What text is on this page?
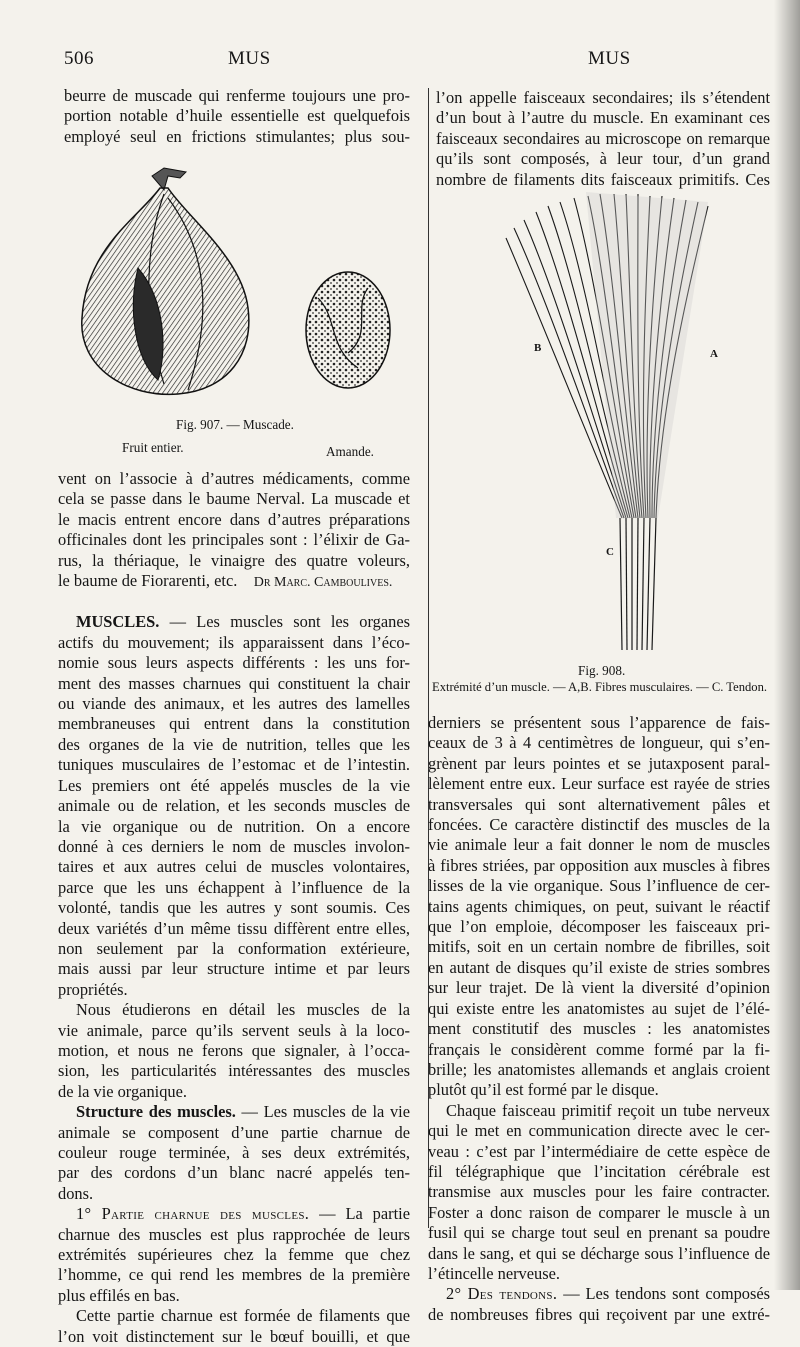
506	MUS	MUS
beurre de muscade qui renferme toujours une pro-
portion notable d’huile essentielle est quelquefois
employé seul en frictions stimulantes; plus sou-
Fig. 907. — Muscade.
Fruit entier.	Amande.
vent on l’associe à d’autres médicaments, comme
cela se passe dans le baume Nerval. La muscade et
le macis entrent encore dans d’autres préparations
officinales dont les principales sont : l’élixir de Ga-
rus, la thériaque, le vinaigre des quatre voleurs,
le baume de Fiorarenti, etc. Dr Marc. Camboulives.
MUSCLES. — Les muscles sont les organes
actifs du mouvement; ils apparaissent dans l’éco-
nomie sous leurs aspects différents : les uns for-
ment des masses charnues qui constituent la chair
ou viande des animaux, et les autres des lamelles
membraneuses qui entrent dans la constitution
des organes de la vie de nutrition, telles que les
tuniques musculaires de l’estomac et de l’intestin.
Les premiers ont été appelés muscles de la vie
animale ou de relation, et les seconds muscles de
la vie organique ou de nutrition. On a encore
donné à ces derniers le nom de muscles involon-
taires et aux autres celui de muscles volontaires,
parce que les uns échappent à l’influence de la
volonté, tandis que les autres y sont soumis. Ces
deux variétés d’un même tissu diffèrent entre elles,
non seulement par la conformation extérieure,
mais aussi par leur structure intime et par leurs
propriétés.
Nous étudierons en détail les muscles de la
vie animale, parce qu’ils servent seuls à la loco-
motion, et nous ne ferons que signaler, à l’occa-
sion, les particularités intéressantes des muscles
de la vie organique.
Structure des muscles. — Les muscles de la vie
animale se composent d’une partie charnue de
couleur rouge terminée, à ses deux extrémités,
par des cordons d’un blanc nacré appelés ten-
dons.
1° Partie charnue des muscles. — La partie
charnue des muscles est plus rapprochée de leurs
extrémités supérieures chez la femme que chez
l’homme, ce qui rend les membres de la première
plus effilés en bas.
Cette partie charnue est formée de filaments que
l’on voit distinctement sur le bœuf bouilli, et que
l’on appelle faisceaux secondaires; ils s’étendent
d’un bout à l’autre du muscle. En examinant ces
faisceaux secondaires au microscope on remarque
qu’ils sont composés, à leur tour, d’un grand
nombre de filaments dits faisceaux primitifs. Ces
B	A
C
Fig. 908.
Extrémité d’un muscle. — A,B. Fibres musculaires. — C. Tendon.
derniers se présentent sous l’apparence de fais-
ceaux de 3 à 4 centimètres de longueur, qui s’en-
grènent par leurs pointes et se jutaxposent paral-
lèlement entre eux. Leur surface est rayée de stries
transversales qui sont alternativement pâles et
foncées. Ce caractère distinctif des muscles de la
vie animale leur a fait donner le nom de muscles
à fibres striées, par opposition aux muscles à fibres
lisses de la vie organique. Sous l’influence de cer-
tains agents chimiques, on peut, suivant le réactif
que l’on emploie, décomposer les faisceaux pri-
mitifs, soit en un certain nombre de fibrilles, soit
en autant de disques qu’il existe de stries sombres
sur leur trajet. De là vient la diversité d’opinion
qui existe entre les anatomistes au sujet de l’élé-
ment constitutif des muscles : les anatomistes
français le considèrent comme formé par la fi-
brille; les anatomistes allemands et anglais croient
plutôt qu’il est formé par le disque.
Chaque faisceau primitif reçoit un tube nerveux
qui le met en communication directe avec le cer-
veau : c’est par l’intermédiaire de cette espèce de
fil télégraphique que l’incitation cérébrale est
transmise aux muscles pour les faire contracter.
Foster a donc raison de comparer le muscle à un
fusil qui se charge tout seul en prenant sa poudre
dans le sang, et qui se décharge sous l’influence de
l’étincelle nerveuse.
2° Des tendons. — Les tendons sont composés
de nombreuses fibres qui reçoivent par une extré-
